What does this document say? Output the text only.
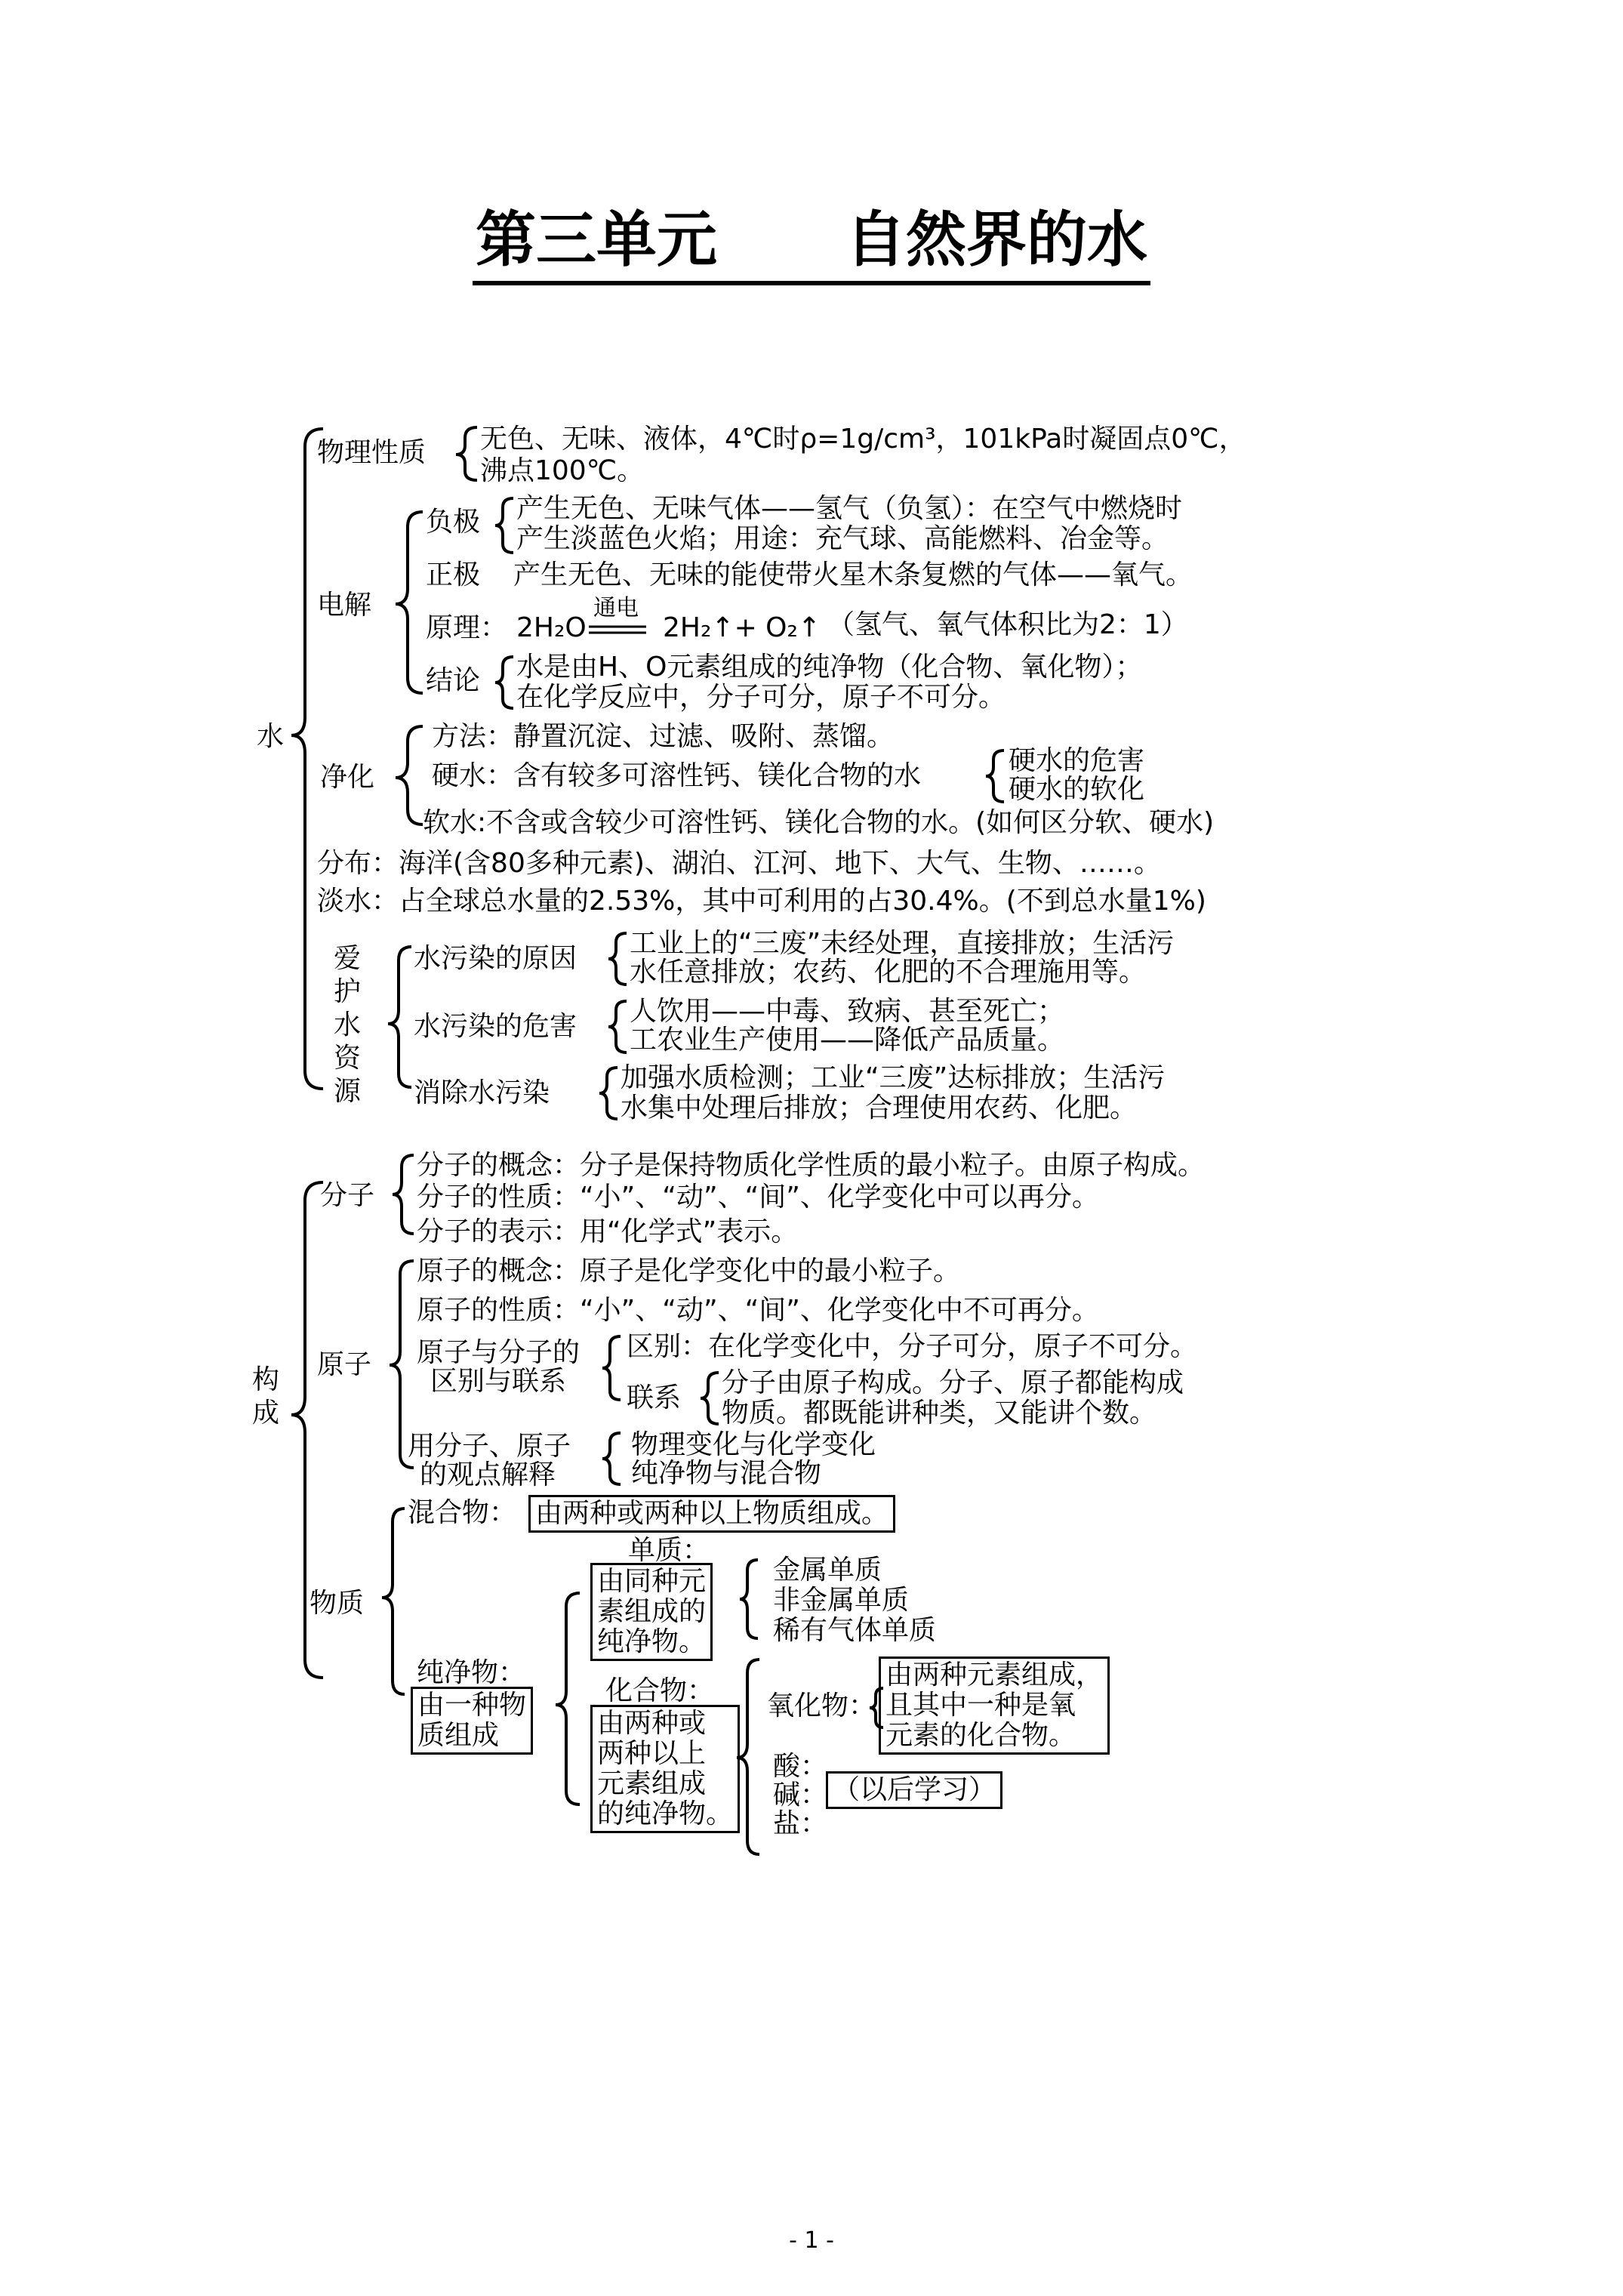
第三单元 自然界的水
水
物理性质 无色、无味、液体，4℃时ρ=1g/cm³，101kPa时凝固点0℃，
沸点100℃。
电解
负极 产生无色、无味气体——氢气（负氢）：在空气中燃烧时
产生淡蓝色火焰；用途：充气球、高能燃料、冶金等。
正极 产生无色、无味的能使带火星木条复燃的气体——氧气。
原理： 2H₂O
通电
2H₂↑+ O₂↑ （氢气、氧气体积比为2：1）
结论 水是由H、O元素组成的纯净物（化合物、氧化物）；
在化学反应中，分子可分，原子不可分。
净化
方法：静置沉淀、过滤、吸附、蒸馏。
硬水：含有较多可溶性钙、镁化合物的水	硬水的危害
硬水的软化
软水:不含或含较少可溶性钙、镁化合物的水。(如何区分软、硬水)
分布：海洋(含80多种元素)、湖泊、江河、地下、大气、生物、……。
淡水：占全球总水量的2.53%，其中可利用的占30.4%。(不到总水量1%)
爱护水资源
水污染的原因 工业上的“三废”未经处理，直接排放；生活污
水任意排放；农药、化肥的不合理施用等。
水污染的危害 人饮用——中毒、致病、甚至死亡；
工农业生产使用——降低产品质量。
消除水污染	加强水质检测；工业“三废”达标排放；生活污
水集中处理后排放；合理使用农药、化肥。
构成
分子
分子的概念：分子是保持物质化学性质的最小粒子。由原子构成。
分子的性质：“小”、“动”、“间”、化学变化中可以再分。
分子的表示：用“化学式”表示。
原子
原子的概念：原子是化学变化中的最小粒子。
原子的性质：“小”、“动”、“间”、化学变化中不可再分。
原子与分子的
区别与联系
区别：在化学变化中，分子可分，原子不可分。
联系 分子由原子构成。分子、原子都能构成
物质。都既能讲种类，又能讲个数。
用分子、原子
的观点解释
物理变化与化学变化
纯净物与混合物
物质
混合物： 由两种或两种以上物质组成。
纯净物：
由一种物
质组成
单质：
由同种元
素组成的
纯净物。
金属单质
非金属单质
稀有气体单质
化合物：
由两种或
两种以上
元素组成
的纯净物。
氧化物：
由两种元素组成，
且其中一种是氧
元素的化合物。
酸：
碱：
盐：
（以后学习）
- 1 -
